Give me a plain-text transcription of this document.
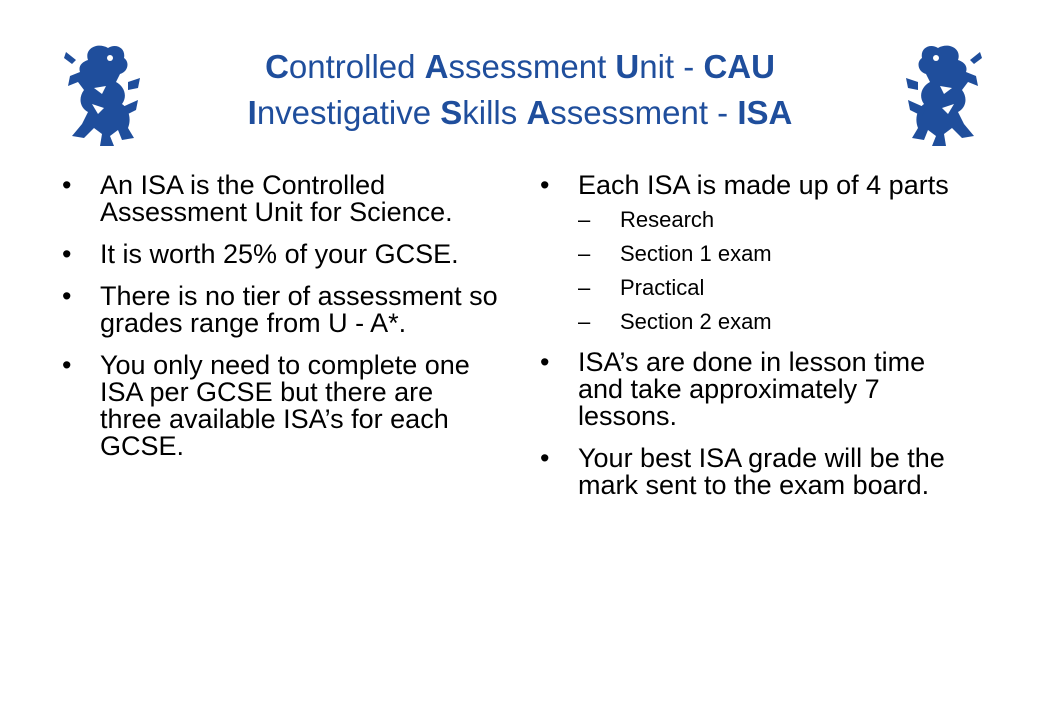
Controlled Assessment Unit - CAU
Investigative Skills Assessment - ISA
•	An ISA is the Controlled Assessment Unit for Science.
•	It is worth 25% of your GCSE.
•	There is no tier of assessment so grades range from U - A*.
•	You only need to complete one ISA per GCSE but there are three available ISA’s for each GCSE.
•	Each ISA is made up of 4 parts
– Research
– Section 1 exam
– Practical
– Section 2 exam
•	ISA’s are done in lesson time and take approximately 7 lessons.
•	Your best ISA grade will be the mark sent to the exam board.
